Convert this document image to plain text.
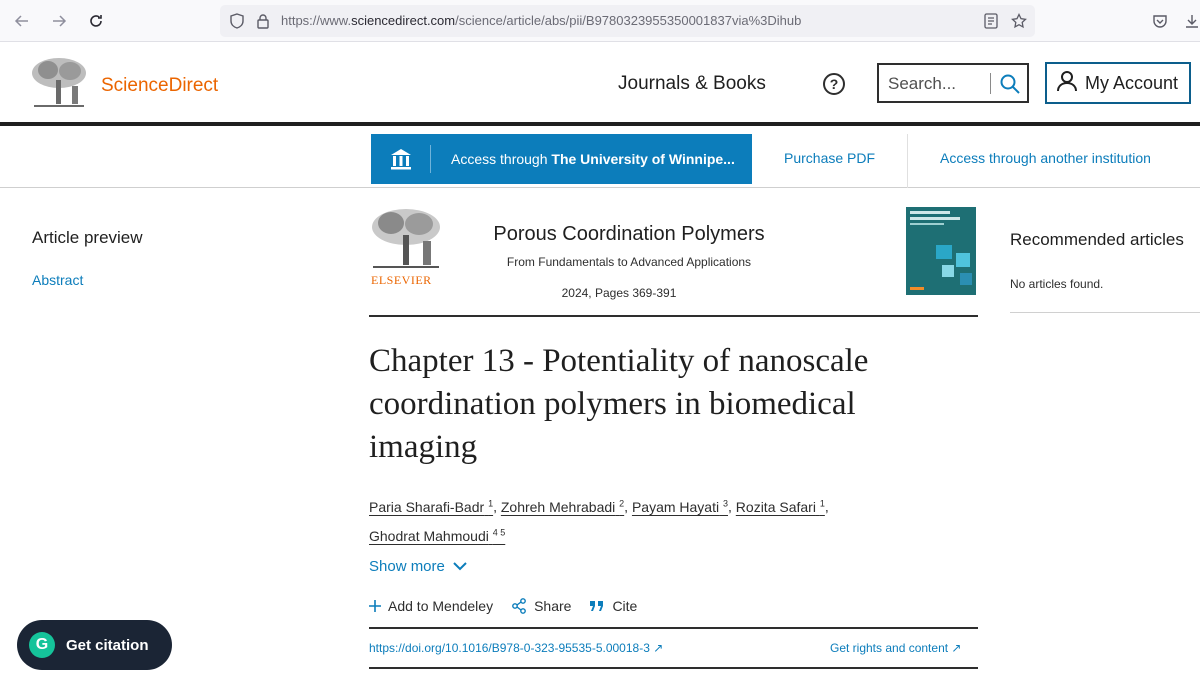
https://www.sciencedirect.com/science/article/abs/pii/B9780323955350001837via%3Dihub
ScienceDirect	Journals & Books	?	Search...	My Account
Access through The University of Winnipe...	Purchase PDF	Access through another institution
Article preview
Abstract	ELSEVIER
Porous Coordination Polymers
From Fundamentals to Advanced Applications
2024, Pages 369-391
Chapter 13 - Potentiality of nanoscale coordination polymers in biomedical imaging
Paria Sharafi-Badr $^1$, Zohreh Mehrabadi $^2$, Payam Hayati $^3$, Rozita Safari $^1$,
Ghodrat Mahmoudi $^{4 5}$
Show more
Add to Mendeley	Share	Cite
https://doi.org/10.1016/B978-0-323-95535-5.00018-3 ↗	Get rights and content ↗
Recommended articles
No articles found.
G	Get citation
